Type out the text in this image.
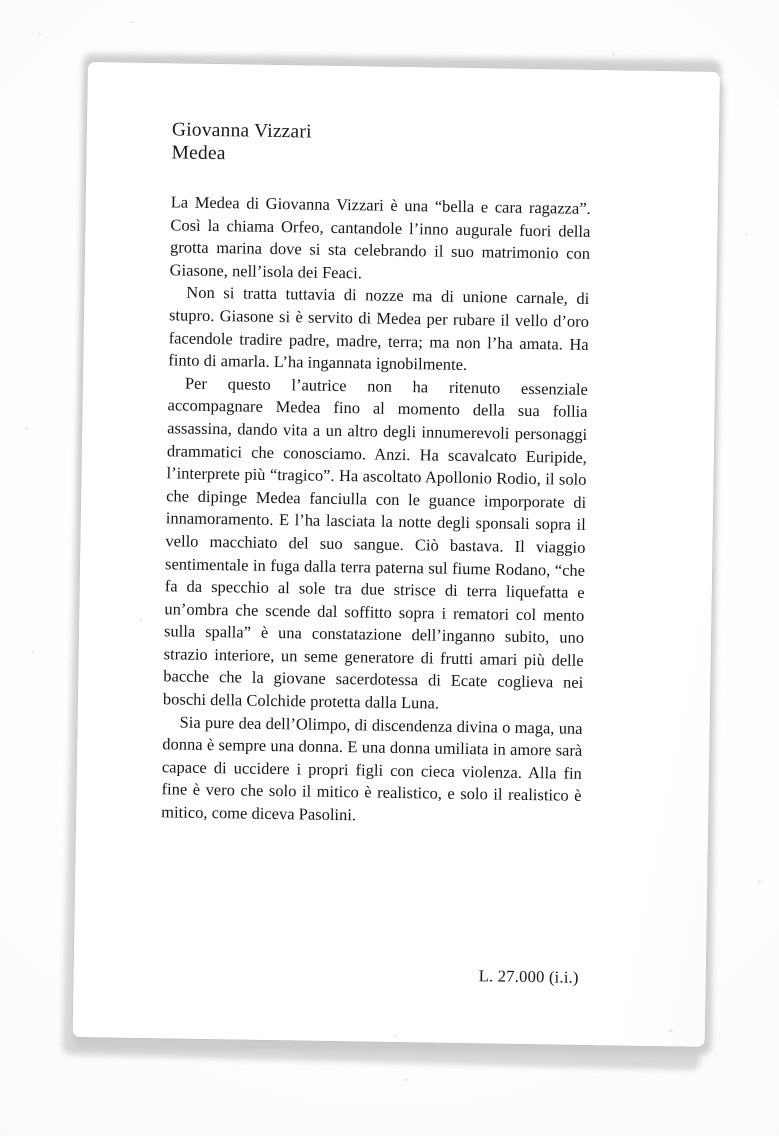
Giovanna Vizzari
Medea

La Medea di Giovanna Vizzari è una “bella e cara ragazza”. Così la chiama Orfeo, cantandole l’inno augurale fuori della grotta marina dove si sta celebrando il suo matrimonio con Giasone, nell’isola dei Feaci.

Non si tratta tuttavia di nozze ma di unione carnale, di stupro. Giasone si è servito di Medea per rubare il vello d’oro facendole tradire padre, madre, terra; ma non l’ha amata. Ha finto di amarla. L’ha ingannata ignobilmente.

Per questo l’autrice non ha ritenuto essenziale accompagnare Medea fino al momento della sua follia assassina, dando vita a un altro degli innumerevoli personaggi drammatici che conosciamo. Anzi. Ha scavalcato Euripide, l’interprete più “tragico”. Ha ascoltato Apollonio Rodio, il solo che dipinge Medea fanciulla con le guance imporporate di innamoramento. E l’ha lasciata la notte degli sponsali sopra il vello macchiato del suo sangue. Ciò bastava. Il viaggio sentimentale in fuga dalla terra paterna sul fiume Rodano, “che fa da specchio al sole tra due strisce di terra liquefatta e un’ombra che scende dal soffitto sopra i rematori col mento sulla spalla” è una constatazione dell’inganno subito, uno strazio interiore, un seme generatore di frutti amari più delle bacche che la giovane sacerdotessa di Ecate coglieva nei boschi della Colchide protetta dalla Luna.

Sia pure dea dell’Olimpo, di discendenza divina o maga, una donna è sempre una donna. E una donna umiliata in amore sarà capace di uccidere i propri figli con cieca violenza. Alla fin fine è vero che solo il mitico è realistico, e solo il realistico è mitico, come diceva Pasolini.

L. 27.000 (i.i.)
